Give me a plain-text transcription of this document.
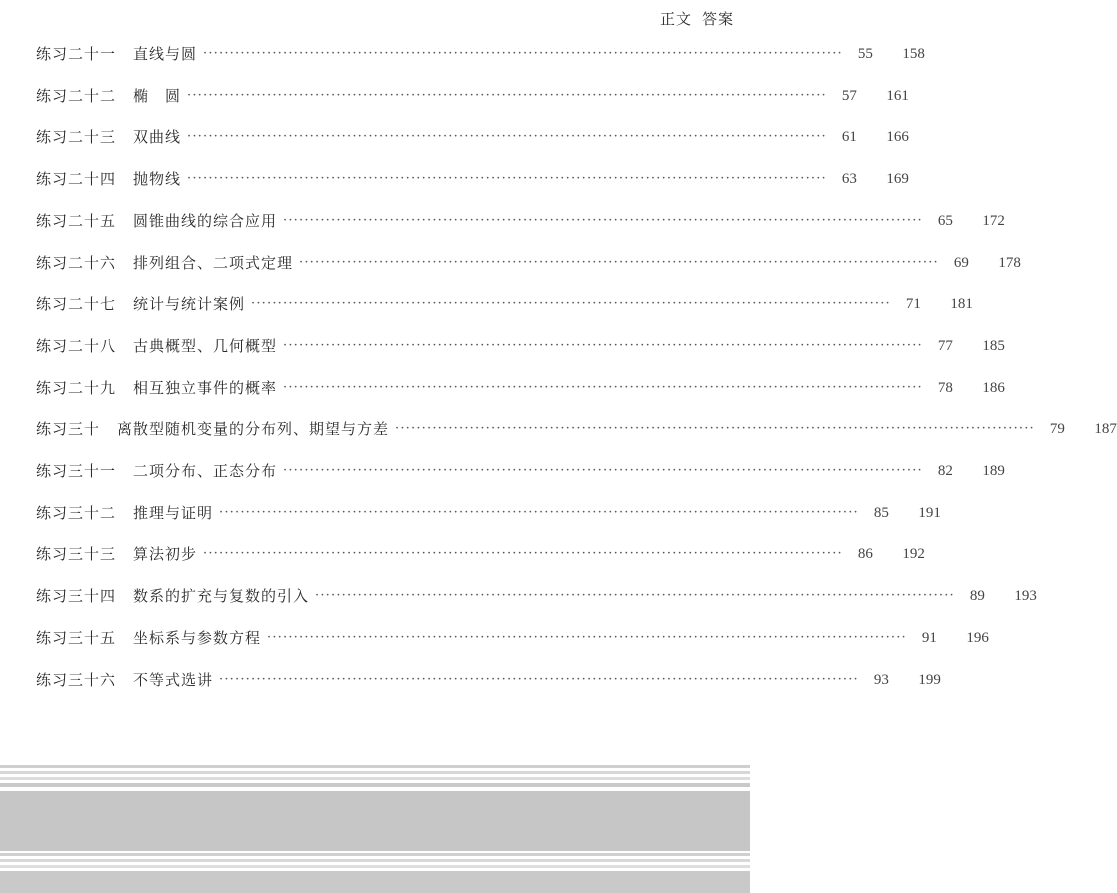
正文 答案
练习二十一	直线与圆 ························································································································	55	158
练习二十二	椭　圆 ························································································································	57	161
练习二十三	双曲线 ························································································································	61	166
练习二十四	抛物线 ························································································································	63	169
练习二十五	圆锥曲线的综合应用 ························································································································	65	172
练习二十六	排列组合、二项式定理 ························································································································	69	178
练习二十七	统计与统计案例 ························································································································	71	181
练习二十八	古典概型、几何概型 ························································································································	77	185
练习二十九	相互独立事件的概率 ························································································································	78	186
练习三十	离散型随机变量的分布列、期望与方差 ························································································································	79	187
练习三十一	二项分布、正态分布 ························································································································	82	189
练习三十二	推理与证明 ························································································································	85	191
练习三十三	算法初步 ························································································································	86	192
练习三十四	数系的扩充与复数的引入 ························································································································	89	193
练习三十五	坐标系与参数方程 ························································································································	91	196
练习三十六	不等式选讲 ························································································································	93	199
